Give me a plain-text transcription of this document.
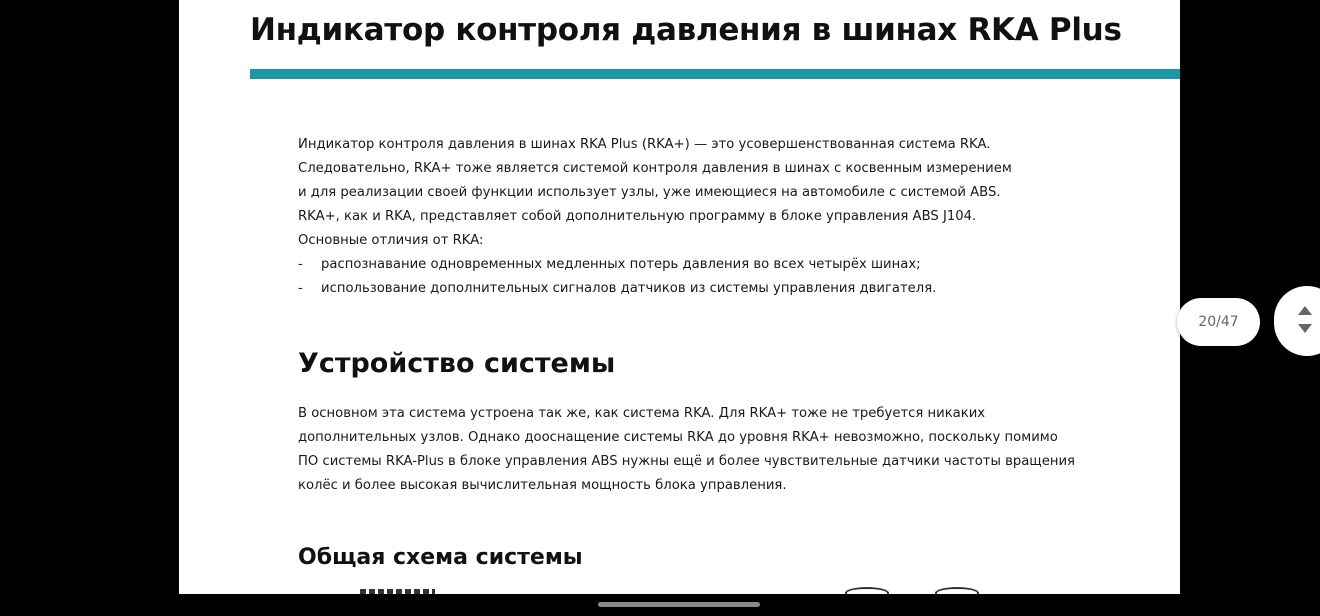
Индикатор контроля давления в шинах RKA Plus
Индикатор контроля давления в шинах RKA Plus (RKA+) — это усовершенствованная система RKA.
Следовательно, RKA+ тоже является системой контроля давления в шинах с косвенным измерением
и для реализации своей функции использует узлы, уже имеющиеся на автомобиле с системой ABS.
RKA+, как и RKA, представляет собой дополнительную программу в блоке управления ABS J104.
Основные отличия от RKA:
- распознавание одновременных медленных потерь давления во всех четырёх шинах;
- использование дополнительных сигналов датчиков из системы управления двигателя.
Устройство системы
В основном эта система устроена так же, как система RKA. Для RKA+ тоже не требуется никаких
дополнительных узлов. Однако дооснащение системы RKA до уровня RKA+ невозможно, поскольку помимо
ПО системы RKA-Plus в блоке управления ABS нужны ещё и более чувствительные датчики частоты вращения
колёс и более высокая вычислительная мощность блока управления.
Общая схема системы
20/47
